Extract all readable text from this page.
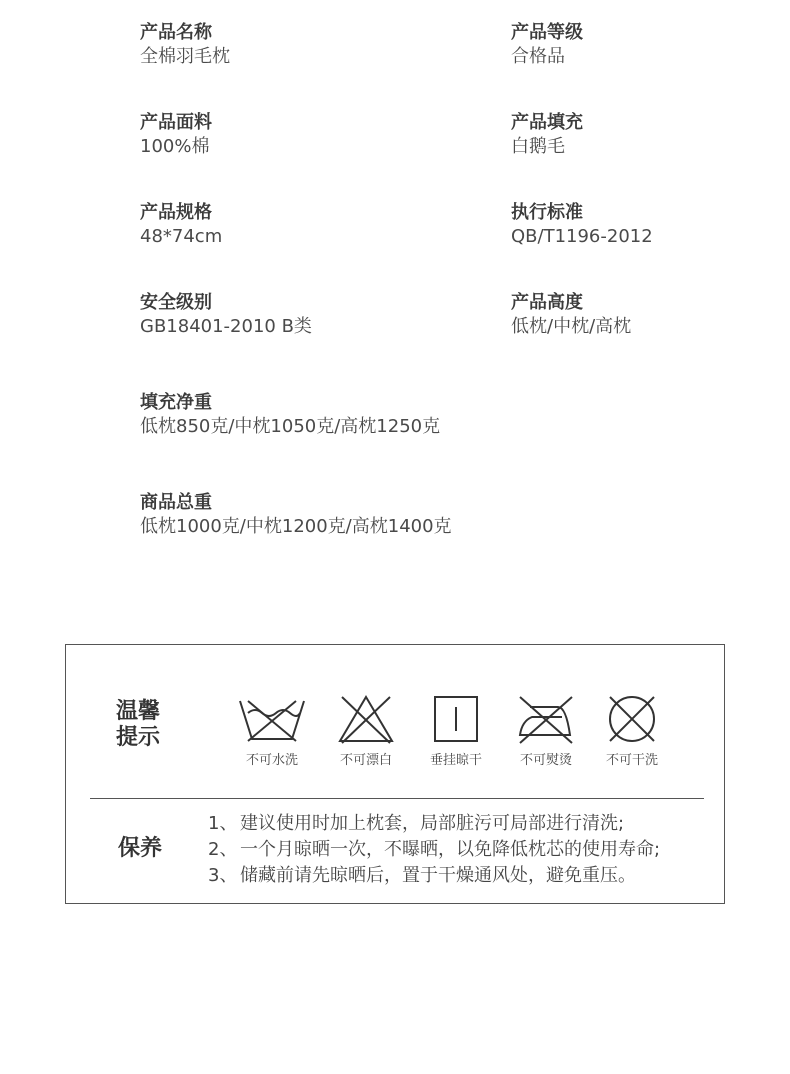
产品名称
全棉羽毛枕
产品等级
合格品
产品面料
100%棉
产品填充
白鹅毛
产品规格
48*74cm
执行标准
QB/T1196-2012
安全级别
GB18401-2010 B类
产品高度
低枕/中枕/高枕
填充净重
低枕850克/中枕1050克/高枕1250克
商品总重
低枕1000克/中枕1200克/高枕1400克
温馨
提示
不可水洗	不可漂白	垂挂晾干	不可熨烫	不可干洗
保养
1、 建议使用时加上枕套，局部脏污可局部进行清洗;
2、 一个月晾晒一次，不曝晒，以免降低枕芯的使用寿命;
3、 储藏前请先晾晒后，置于干燥通风处，避免重压。
